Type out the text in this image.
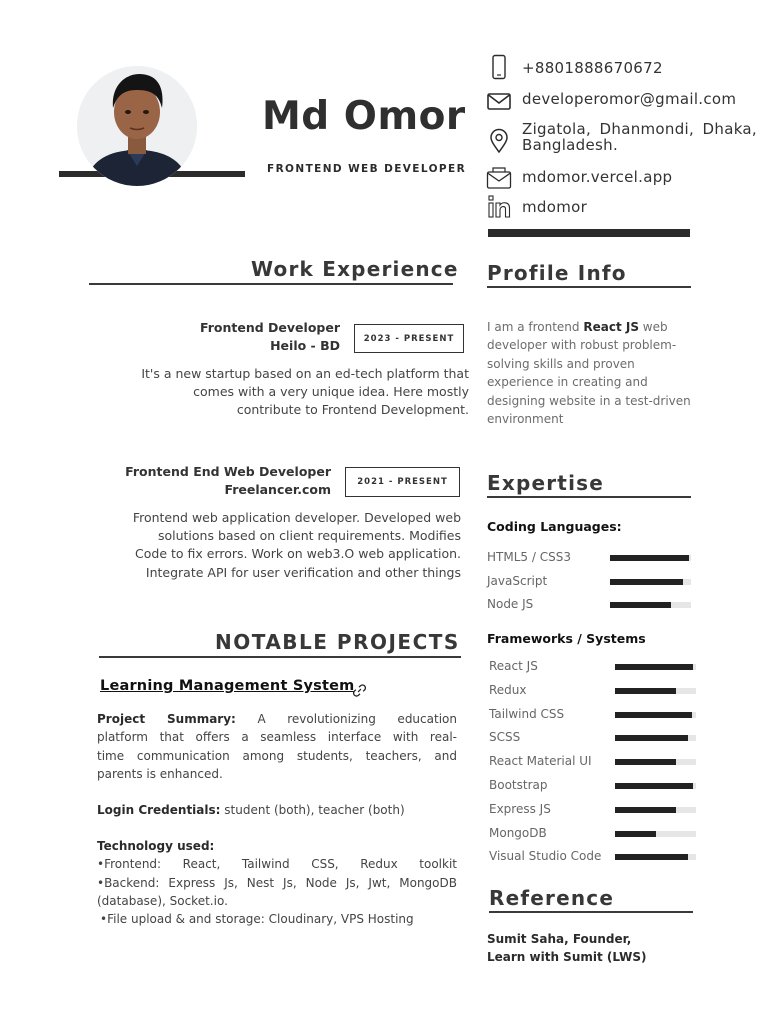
Md Omor
FRONTEND WEB DEVELOPER
+8801888670672
developeromor@gmail.com
Zigatola, Dhanmondi, Dhaka,
Bangladesh.
mdomor.vercel.app
mdomor
Work Experience
Frontend Developer
Heilo - BD	2023 - PRESENT
It's a new startup based on an ed-tech platform that
comes with a very unique idea. Here mostly
contribute to Frontend Development.
Frontend End Web Developer
Freelancer.com	2021 - PRESENT
Frontend web application developer. Developed web
solutions based on client requirements. Modifies
Code to fix errors. Work on web3.O web application.
Integrate API for user verification and other things
NOTABLE PROJECTS
Learning Management System
Project Summary: A revolutionizing education
platform that offers a seamless interface with real-
time communication among students, teachers, and
parents is enhanced.
Login Credentials: student (both), teacher (both)
Technology used:
•Frontend: React, Tailwind CSS, Redux toolkit
•Backend: Express Js, Nest Js, Node Js, Jwt, MongoDB
(database), Socket.io.
•File upload & and storage: Cloudinary, VPS Hosting
Profile Info
I am a frontend React JS web developer with robust problem-solving skills and proven experience in creating and designing website in a test-driven environment
Expertise
Coding Languages:
HTML5 / CSS3
JavaScript
Node JS
Frameworks / Systems
React JS
Redux
Tailwind CSS
SCSS
React Material UI
Bootstrap
Express JS
MongoDB
Visual Studio Code
Reference
Sumit Saha, Founder,
Learn with Sumit (LWS)
